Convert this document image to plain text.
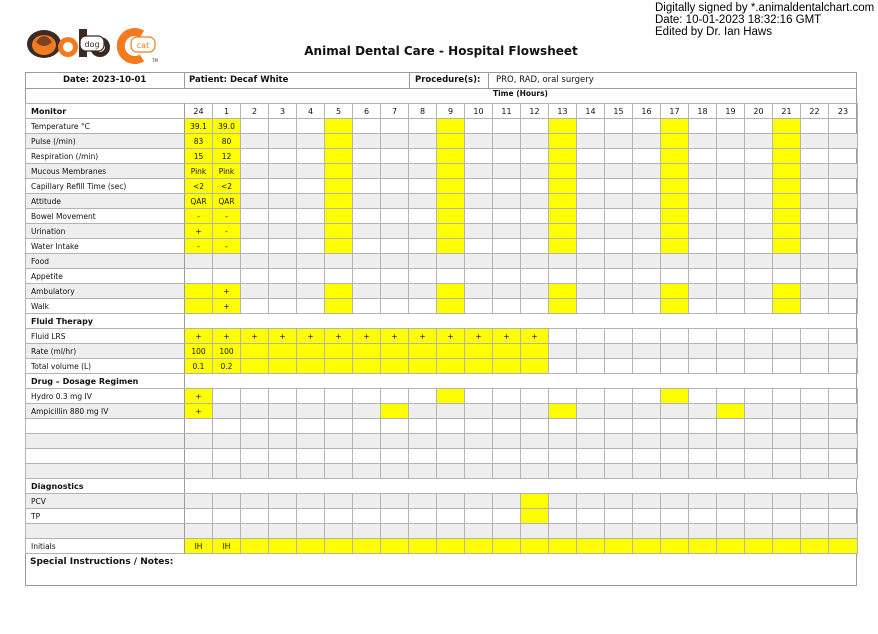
Digitally signed by *.animaldentalchart.com
Date: 10-01-2023 18:32:16 GMT
Edited by Dr. Ian Haws
dog	cat
TM
Animal Dental Care - Hospital Flowsheet
Date: 2023-10-01	Patient: Decaf White	Procedure(s): PRO, RAD, oral surgery
Time (Hours)
Monitor	24	1	2	3	4	5	6	7	8	9	10	11	12	13	14	15	16	17	18	19	20	21	22	23
Temperature °C	39.1	39.0																						
Pulse (/min)	83	80																						
Respiration (/min)	15	12																						
Mucous Membranes	Pink	Pink																						
Capillary Refill Time (sec)	<2	<2																						
Attitude	QAR	QAR																						
Bowel Movement	-	-																						
Urination	+	-																						
Water Intake	-	-																						
Food																								
Appetite																								
Ambulatory		+																						
Walk		+																						
Fluid Therapy																								
Fluid LRS	+	+	+	+	+	+	+	+	+	+	+	+	+											
Rate (ml/hr)	100	100																						
Total volume (L)	0.1	0.2																						
Drug – Dosage Regimen																								
Hydro 0.3 mg IV	+																							
Ampicillin 880 mg IV	+																							

Diagnostics																								
PCV																								
TP																								

Initials	IH	IH																						
Special Instructions / Notes:
